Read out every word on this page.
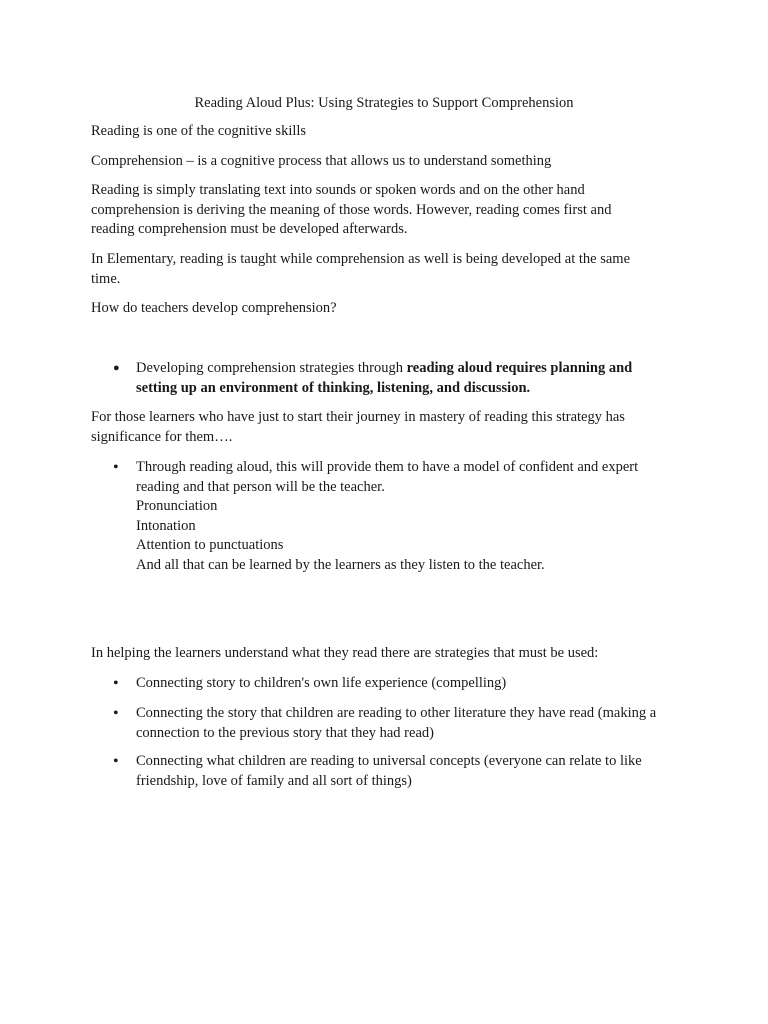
Reading Aloud Plus: Using Strategies to Support Comprehension

Reading is one of the cognitive skills

Comprehension – is a cognitive process that allows us to understand something

Reading is simply translating text into sounds or spoken words and on the other hand
comprehension is deriving the meaning of those words. However, reading comes first and
reading comprehension must be developed afterwards.

In Elementary, reading is taught while comprehension as well is being developed at the same
time.

How do teachers develop comprehension?

● Developing comprehension strategies through reading aloud requires planning and
setting up an environment of thinking, listening, and discussion.

For those learners who have just to start their journey in mastery of reading this strategy has
significance for them….

• Through reading aloud, this will provide them to have a model of confident and expert
reading and that person will be the teacher.
Pronunciation
Intonation
Attention to punctuations
And all that can be learned by the learners as they listen to the teacher.

In helping the learners understand what they read there are strategies that must be used:

• Connecting story to children's own life experience (compelling)
• Connecting the story that children are reading to other literature they have read (making a
connection to the previous story that they had read)
• Connecting what children are reading to universal concepts (everyone can relate to like
friendship, love of family and all sort of things)
